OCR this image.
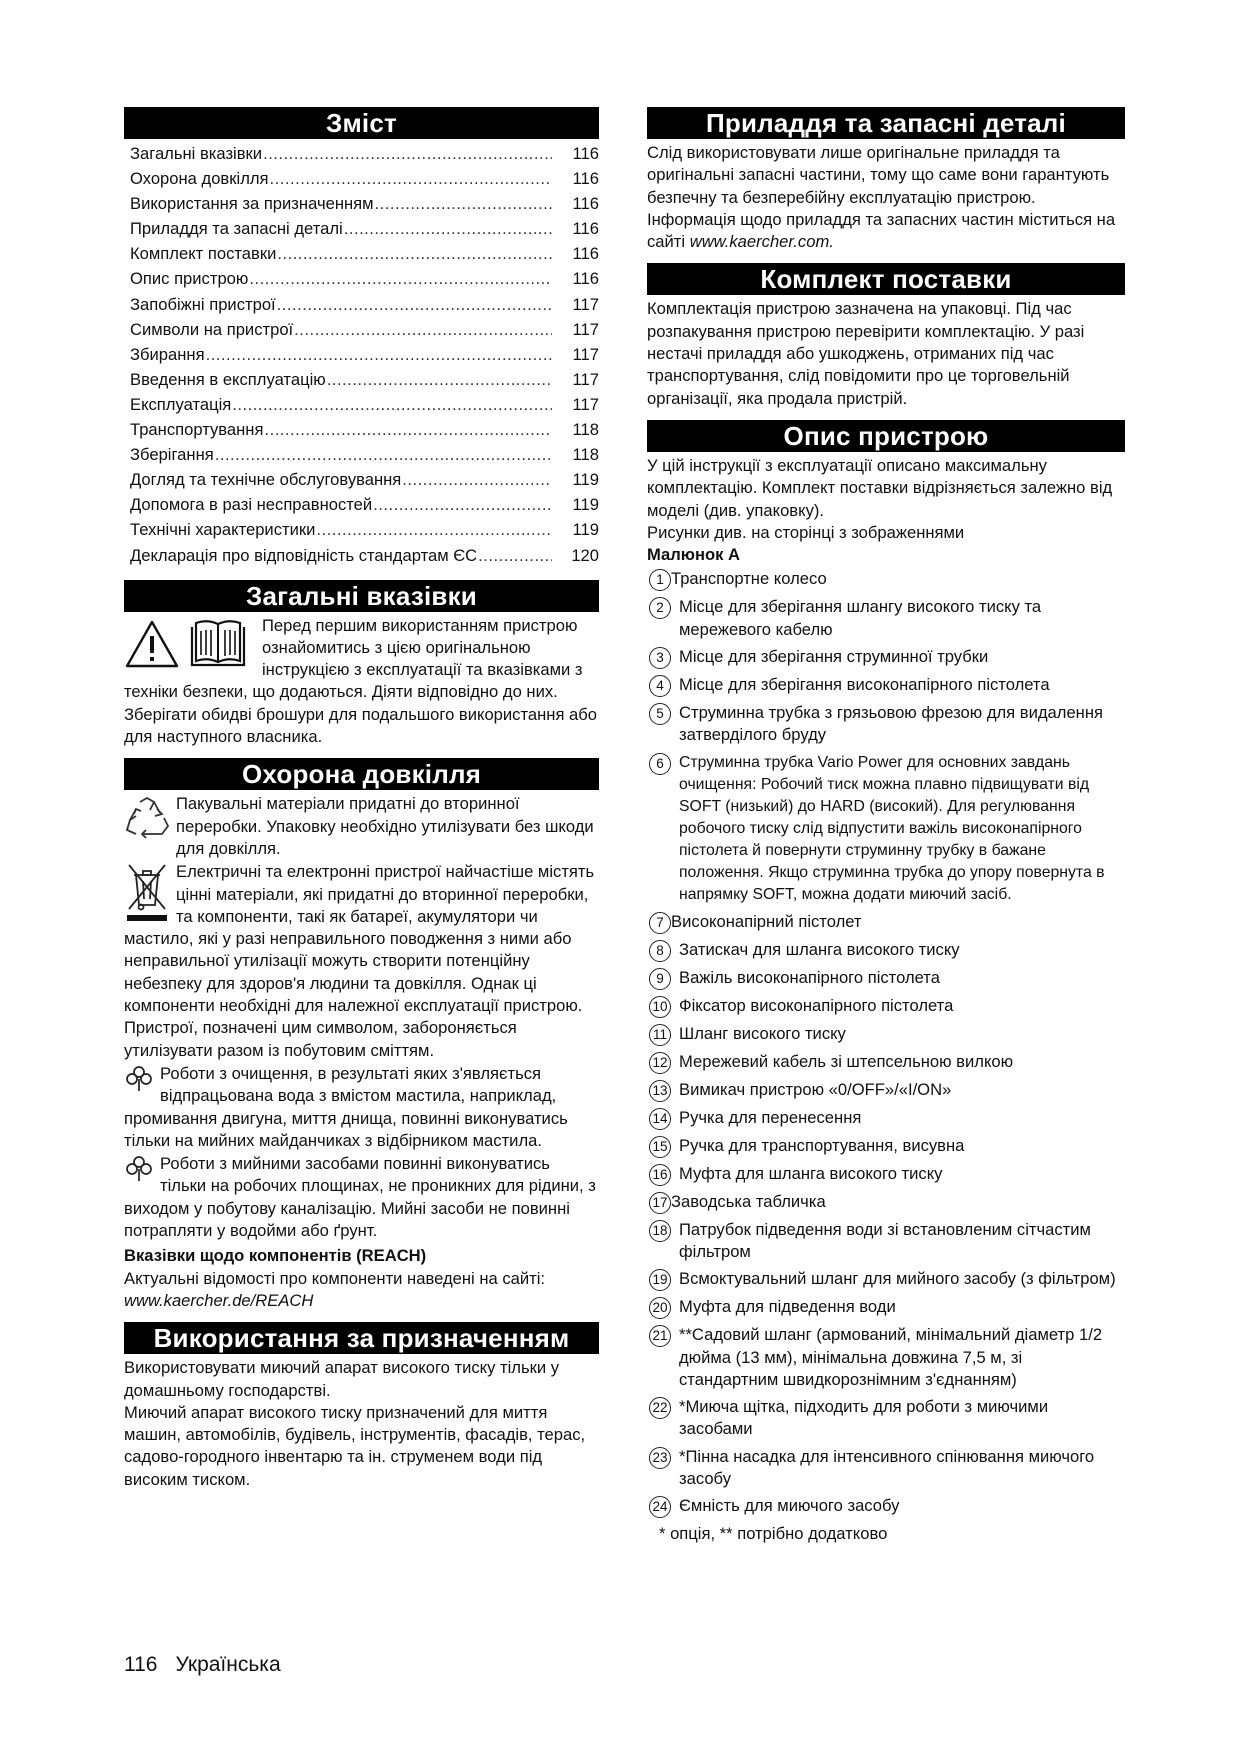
Зміст
Загальні вказівки .....	116
Охорона довкілля .....	116
Використання за призначенням .....	116
Приладдя та запасні деталі .....	116
Комплект поставки .....	116
Опис пристрою .....	116
Запобіжні пристрої .....	117
Символи на пристрої .....	117
Збирання .....	117
Введення в експлуатацію .....	117
Експлуатація .....	117
Транспортування .....	118
Зберігання .....	118
Догляд та технічне обслуговування .....	119
Допомога в разі несправностей .....	119
Технічні характеристики .....	119
Декларація про відповідність стандартам ЄС .....	120
Загальні вказівки

Перед першим використанням пристрою ознайомитись з цією оригінальною інструкцією з експлуатації та вказівками з техніки безпеки, що додаються. Діяти відповідно до них.

Зберігати обидві брошури для подальшого використання або для наступного власника.

Охорона довкілля

Пакувальні матеріали придатні до вторинної переробки. Упаковку необхідно утилізувати без шкоди для довкілля.

Електричні та електронні пристрої найчастіше містять цінні матеріали, які придатні до вторинної переробки, та компоненти, такі як батареї, акумулятори чи мастило, які у разі неправильного поводження з ними або неправильної утилізації можуть створити потенційну небезпеку для здоров'я людини та довкілля. Однак ці компоненти необхідні для належної експлуатації пристрою. Пристрої, позначені цим символом, забороняється утилізувати разом із побутовим сміттям.

Роботи з очищення, в результаті яких з'являється відпрацьована вода з вмістом мастила, наприклад, промивання двигуна, миття днища, повинні виконуватись тільки на мийних майданчиках з відбірником мастила.

Роботи з мийними засобами повинні виконуватись тільки на робочих площинах, не проникних для рідини, з виходом у побутову каналізацію. Мийні засоби не повинні потрапляти у водойми або ґрунт.

Вказівки щодо компонентів (REACH)

Актуальні відомості про компоненти наведені на сайті: www.kaercher.de/REACH

Використання за призначенням

Використовувати миючий апарат високого тиску тільки у домашньому господарстві.

Миючий апарат високого тиску призначений для миття машин, автомобілів, будівель, інструментів, фасадів, терас, садово-городного інвентарю та ін. струменем води під високим тиском.

Приладдя та запасні деталі

Слід використовувати лише оригінальне приладдя та оригінальні запасні частини, тому що саме вони гарантують безпечну та безперебійну експлуатацію пристрою.

Інформація щодо приладдя та запасних частин міститься на сайті www.kaercher.com.

Комплект поставки

Комплектація пристрою зазначена на упаковці. Під час розпакування пристрою перевірити комплектацію. У разі нестачі приладдя або ушкоджень, отриманих під час транспортування, слід повідомити про це торговельній організації, яка продала пристрій.

Опис пристрою

У цій інструкції з експлуатації описано максимальну комплектацію. Комплект поставки відрізняється залежно від моделі (див. упаковку).

Рисунки див. на сторінці з зображеннями

Малюнок А

1 Транспортне колесо
2 Місце для зберігання шлангу високого тиску та мережевого кабелю
3 Місце для зберігання струминної трубки
4 Місце для зберігання високонапірного пістолета
5 Струминна трубка з грязьовою фрезою для видалення затверділого бруду
6 Струминна трубка Vario Power для основних завдань очищення: Робочий тиск можна плавно підвищувати від SOFT (низький) до HARD (високий). Для регулювання робочого тиску слід відпустити важіль високонапірного пістолета й повернути струминну трубку в бажане положення. Якщо струминна трубка до упору повернута в напрямку SOFT, можна додати миючий засіб.
7 Високонапірний пістолет
8 Затискач для шланга високого тиску
9 Важіль високонапірного пістолета
10 Фіксатор високонапірного пістолета
11 Шланг високого тиску
12 Мережевий кабель зі штепсельною вилкою
13 Вимикач пристрою «0/OFF»/«I/ON»
14 Ручка для перенесення
15 Ручка для транспортування, висувна
16 Муфта для шланга високого тиску
17 Заводська табличка
18 Патрубок підведення води зі встановленим сітчастим фільтром
19 Всмоктувальний шланг для мийного засобу (з фільтром)
20 Муфта для підведення води
21 **Садовий шланг (армований, мінімальний діаметр 1/2 дюйма (13 мм), мінімальна довжина 7,5 м, зі стандартним швидкорознімним з'єднанням)
22 *Миюча щітка, підходить для роботи з миючими засобами
23 *Пінна насадка для інтенсивного спінювання миючого засобу
24 Ємність для миючого засобу

* опція, ** потрібно додатково

116 Українська
